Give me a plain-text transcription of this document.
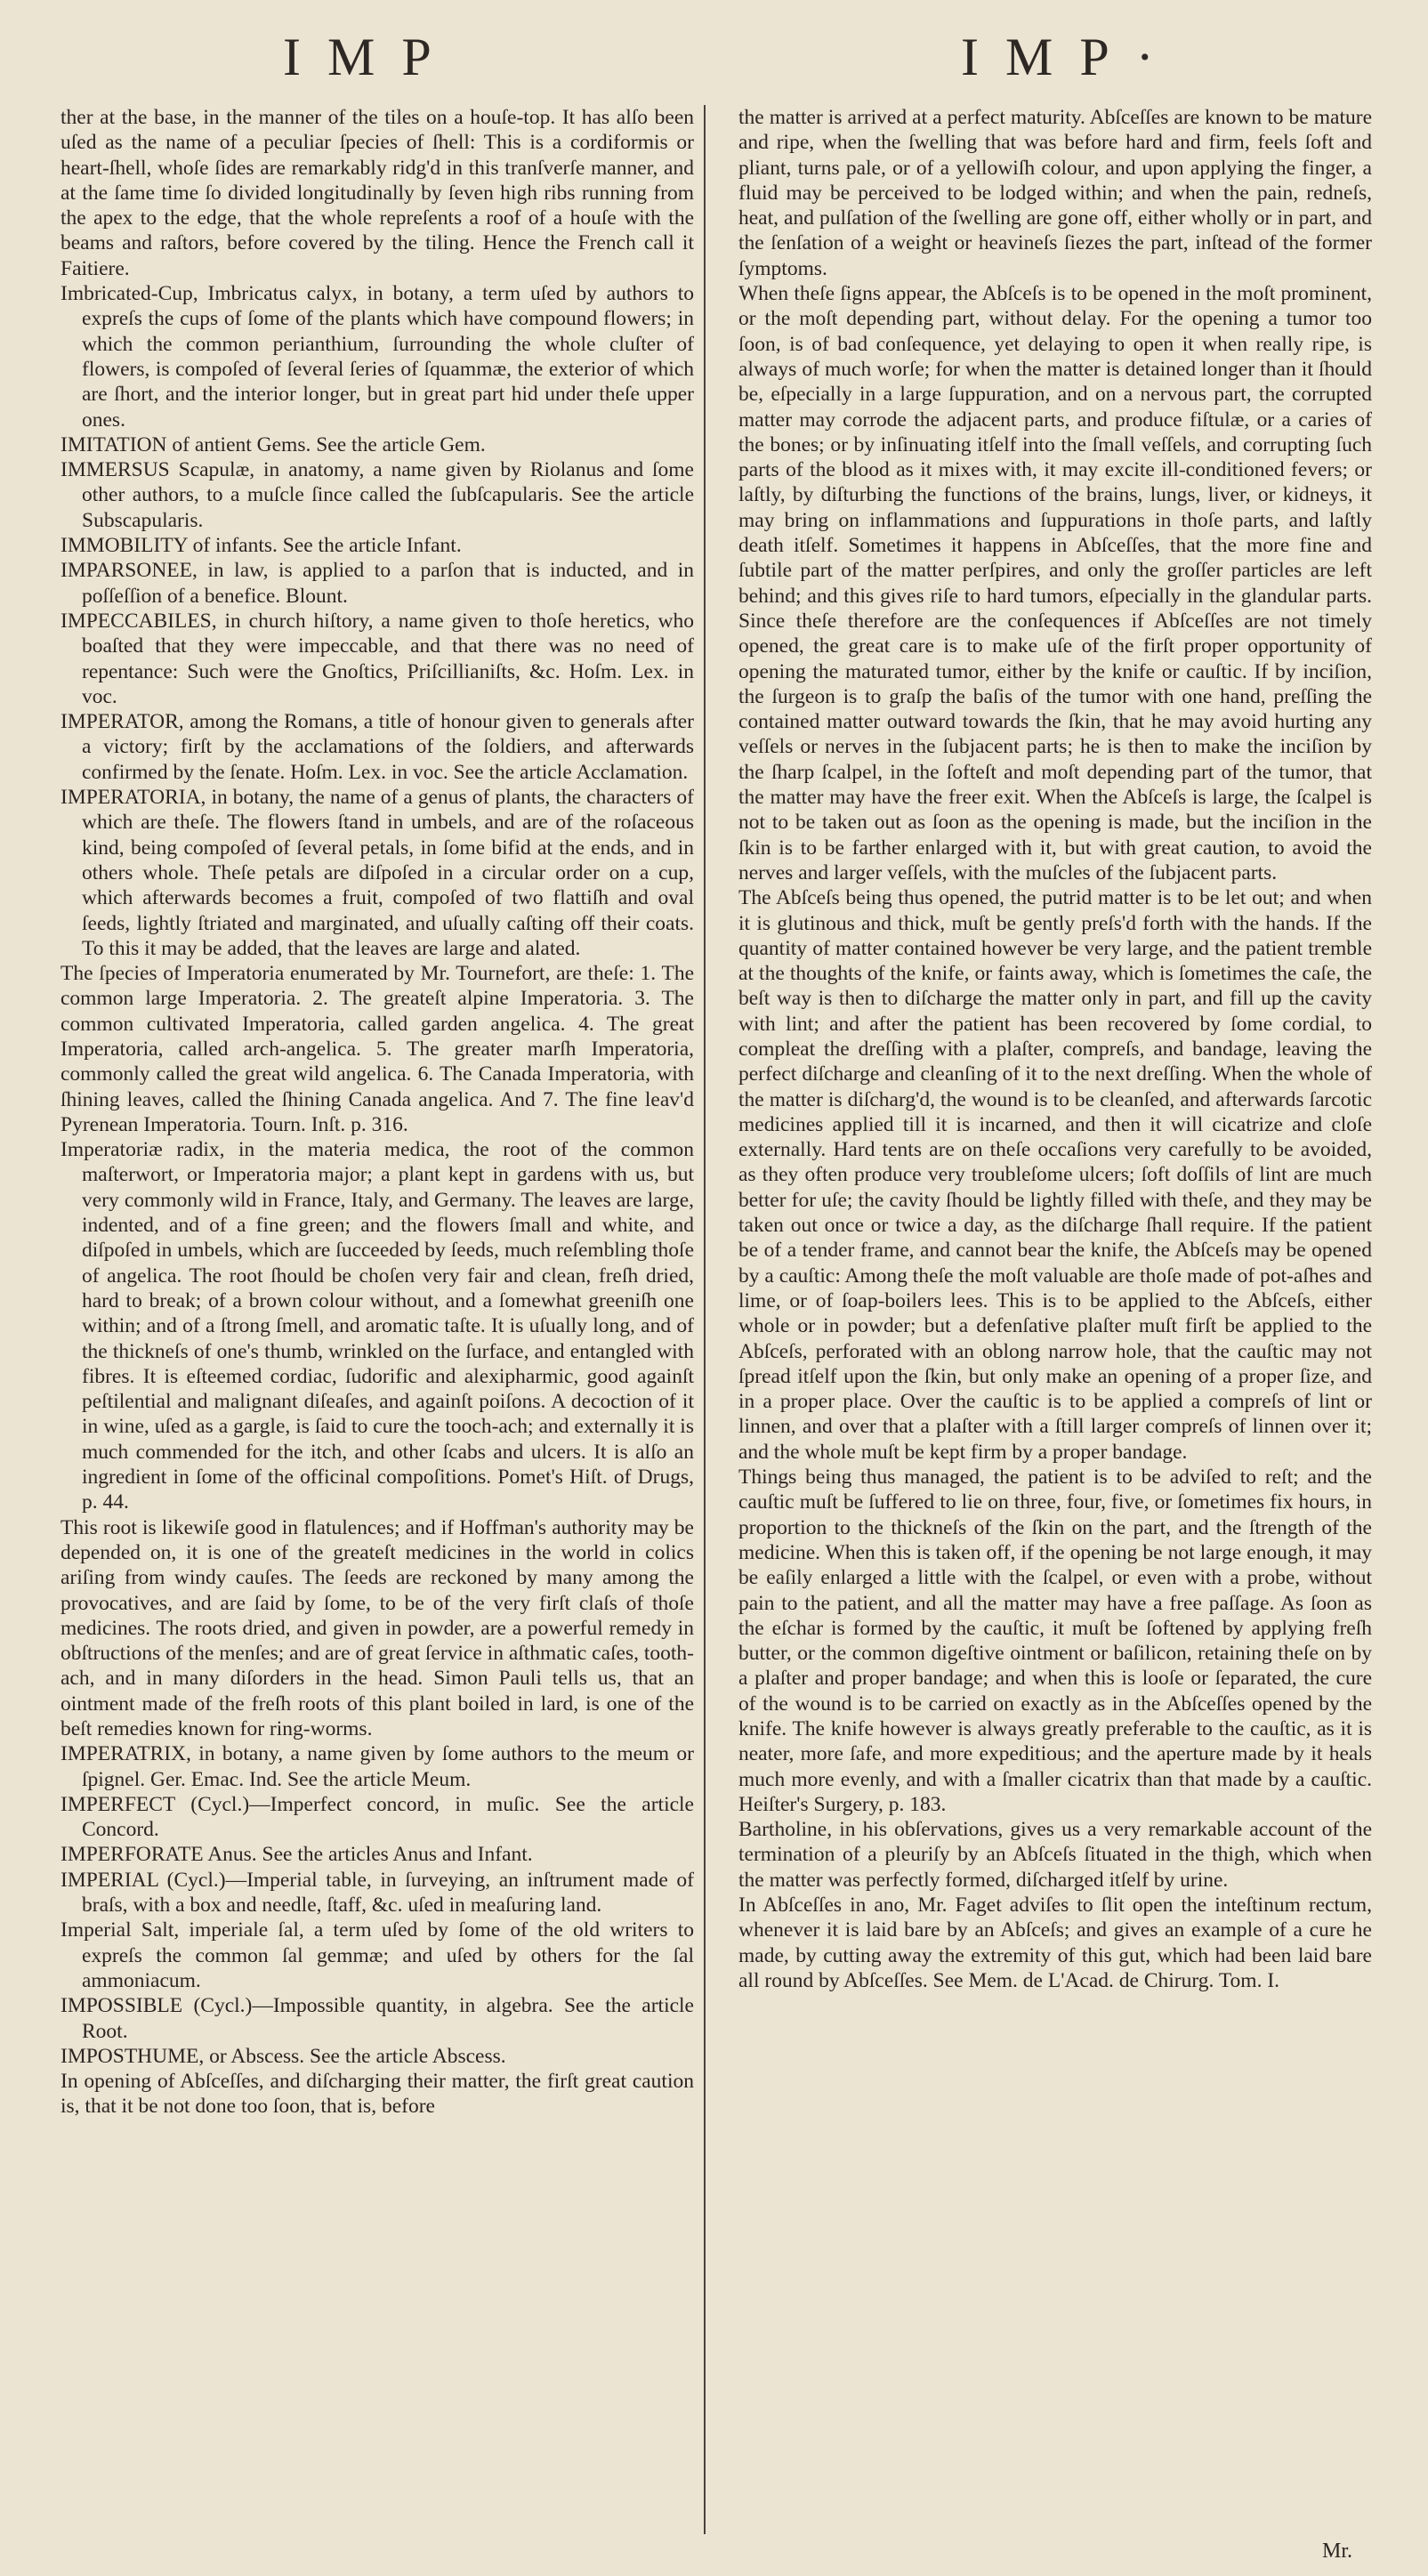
IMP	IMP·

ther at the base, in the manner of the tiles on a houſe-top. It has alſo been uſed as the name of a peculiar ſpecies of ſhell: This is a cordiformis or heart-ſhell, whoſe ſides are remarkably ridg'd in this tranſverſe manner, and at the ſame time ſo divided longitudinally by ſeven high ribs running from the apex to the edge, that the whole repreſents a roof of a houſe with the beams and raſtors, before covered by the tiling. Hence the French call it Faitiere.

Imbricated-Cup, Imbricatus calyx, in botany, a term uſed by authors to expreſs the cups of ſome of the plants which have compound flowers; in which the common perianthium, ſurrounding the whole cluſter of flowers, is compoſed of ſeveral ſeries of ſquammæ, the exterior of which are ſhort, and the interior longer, but in great part hid under theſe upper ones.

IMITATION of antient Gems. See the article Gem.

IMMERSUS Scapulæ, in anatomy, a name given by Riolanus and ſome other authors, to a muſcle ſince called the ſubſcapularis. See the article Subscapularis.

IMMOBILITY of infants. See the article Infant.

IMPARSONEE, in law, is applied to a parſon that is inducted, and in poſſeſſion of a benefice. Blount.

IMPECCABILES, in church hiſtory, a name given to thoſe heretics, who boaſted that they were impeccable, and that there was no need of repentance: Such were the Gnoſtics, Priſcillianiſts, &c. Hoſm. Lex. in voc.

IMPERATOR, among the Romans, a title of honour given to generals after a victory; firſt by the acclamations of the ſoldiers, and afterwards confirmed by the ſenate. Hoſm. Lex. in voc. See the article Acclamation.

IMPERATORIA, in botany, the name of a genus of plants, the characters of which are theſe. The flowers ſtand in umbels, and are of the roſaceous kind, being compoſed of ſeveral petals, in ſome bifid at the ends, and in others whole. Theſe petals are diſpoſed in a circular order on a cup, which afterwards becomes a fruit, compoſed of two flattiſh and oval ſeeds, lightly ſtriated and marginated, and uſually caſting off their coats. To this it may be added, that the leaves are large and alated.

The ſpecies of Imperatoria enumerated by Mr. Tournefort, are theſe: 1. The common large Imperatoria. 2. The greateſt alpine Imperatoria. 3. The common cultivated Imperatoria, called garden angelica. 4. The great Imperatoria, called arch-angelica. 5. The greater marſh Imperatoria, commonly called the great wild angelica. 6. The Canada Imperatoria, with ſhining leaves, called the ſhining Canada angelica. And 7. The fine leav'd Pyrenean Imperatoria. Tourn. Inſt. p. 316.

Imperatoriæ radix, in the materia medica, the root of the common maſterwort, or Imperatoria major; a plant kept in gardens with us, but very commonly wild in France, Italy, and Germany. The leaves are large, indented, and of a fine green; and the flowers ſmall and white, and diſpoſed in umbels, which are ſucceeded by ſeeds, much reſembling thoſe of angelica. The root ſhould be choſen very fair and clean, freſh dried, hard to break; of a brown colour without, and a ſomewhat greeniſh one within; and of a ſtrong ſmell, and aromatic taſte. It is uſually long, and of the thickneſs of one's thumb, wrinkled on the ſurface, and entangled with fibres. It is eſteemed cordiac, ſudorific and alexipharmic, good againſt peſtilential and malignant diſeaſes, and againſt poiſons. A decoction of it in wine, uſed as a gargle, is ſaid to cure the tooch-ach; and externally it is much commended for the itch, and other ſcabs and ulcers. It is alſo an ingredient in ſome of the officinal compoſitions. Pomet's Hiſt. of Drugs, p. 44.

This root is likewiſe good in flatulences; and if Hoffman's authority may be depended on, it is one of the greateſt medicines in the world in colics ariſing from windy cauſes. The ſeeds are reckoned by many among the provocatives, and are ſaid by ſome, to be of the very firſt claſs of thoſe medicines. The roots dried, and given in powder, are a powerful remedy in obſtructions of the menſes; and are of great ſervice in aſthmatic caſes, tooth-ach, and in many diſorders in the head. Simon Pauli tells us, that an ointment made of the freſh roots of this plant boiled in lard, is one of the beſt remedies known for ring-worms.

IMPERATRIX, in botany, a name given by ſome authors to the meum or ſpignel. Ger. Emac. Ind. See the article Meum.

IMPERFECT (Cycl.)—Imperfect concord, in muſic. See the article Concord.

IMPERFORATE Anus. See the articles Anus and Infant.

IMPERIAL (Cycl.)—Imperial table, in ſurveying, an inſtrument made of braſs, with a box and needle, ſtaff, &c. uſed in meaſuring land.

Imperial Salt, imperiale ſal, a term uſed by ſome of the old writers to expreſs the common ſal gemmæ; and uſed by others for the ſal ammoniacum.

IMPOSSIBLE (Cycl.)—Impossible quantity, in algebra. See the article Root.

IMPOSTHUME, or Abscess. See the article Abscess.

In opening of Abſceſſes, and diſcharging their matter, the firſt great caution is, that it be not done too ſoon, that is, before

the matter is arrived at a perfect maturity. Abſceſſes are known to be mature and ripe, when the ſwelling that was before hard and firm, feels ſoft and pliant, turns pale, or of a yellowiſh colour, and upon applying the finger, a fluid may be perceived to be lodged within; and when the pain, redneſs, heat, and pulſation of the ſwelling are gone off, either wholly or in part, and the ſenſation of a weight or heavineſs ſiezes the part, inſtead of the former ſymptoms.

When theſe ſigns appear, the Abſceſs is to be opened in the moſt prominent, or the moſt depending part, without delay. For the opening a tumor too ſoon, is of bad conſequence, yet delaying to open it when really ripe, is always of much worſe; for when the matter is detained longer than it ſhould be, eſpecially in a large ſuppuration, and on a nervous part, the corrupted matter may corrode the adjacent parts, and produce fiſtulæ, or a caries of the bones; or by inſinuating itſelf into the ſmall veſſels, and corrupting ſuch parts of the blood as it mixes with, it may excite ill-conditioned fevers; or laſtly, by diſturbing the functions of the brains, lungs, liver, or kidneys, it may bring on inflammations and ſuppurations in thoſe parts, and laſtly death itſelf. Sometimes it happens in Abſceſſes, that the more fine and ſubtile part of the matter perſpires, and only the groſſer particles are left behind; and this gives riſe to hard tumors, eſpecially in the glandular parts. Since theſe therefore are the conſequences if Abſceſſes are not timely opened, the great care is to make uſe of the firſt proper opportunity of opening the maturated tumor, either by the knife or cauſtic. If by inciſion, the ſurgeon is to graſp the baſis of the tumor with one hand, preſſing the contained matter outward towards the ſkin, that he may avoid hurting any veſſels or nerves in the ſubjacent parts; he is then to make the inciſion by the ſharp ſcalpel, in the ſofteſt and moſt depending part of the tumor, that the matter may have the freer exit. When the Abſceſs is large, the ſcalpel is not to be taken out as ſoon as the opening is made, but the inciſion in the ſkin is to be farther enlarged with it, but with great caution, to avoid the nerves and larger veſſels, with the muſcles of the ſubjacent parts.

The Abſceſs being thus opened, the putrid matter is to be let out; and when it is glutinous and thick, muſt be gently preſs'd forth with the hands. If the quantity of matter contained however be very large, and the patient tremble at the thoughts of the knife, or faints away, which is ſometimes the caſe, the beſt way is then to diſcharge the matter only in part, and fill up the cavity with lint; and after the patient has been recovered by ſome cordial, to compleat the dreſſing with a plaſter, compreſs, and bandage, leaving the perfect diſcharge and cleanſing of it to the next dreſſing. When the whole of the matter is diſcharg'd, the wound is to be cleanſed, and afterwards ſarcotic medicines applied till it is incarned, and then it will cicatrize and cloſe externally. Hard tents are on theſe occaſions very carefully to be avoided, as they often produce very troubleſome ulcers; ſoft doſſils of lint are much better for uſe; the cavity ſhould be lightly filled with theſe, and they may be taken out once or twice a day, as the diſcharge ſhall require. If the patient be of a tender frame, and cannot bear the knife, the Abſceſs may be opened by a cauſtic: Among theſe the moſt valuable are thoſe made of pot-aſhes and lime, or of ſoap-boilers lees. This is to be applied to the Abſceſs, either whole or in powder; but a defenſative plaſter muſt firſt be applied to the Abſceſs, perforated with an oblong narrow hole, that the cauſtic may not ſpread itſelf upon the ſkin, but only make an opening of a proper ſize, and in a proper place. Over the cauſtic is to be applied a compreſs of lint or linnen, and over that a plaſter with a ſtill larger compreſs of linnen over it; and the whole muſt be kept firm by a proper bandage.

Things being thus managed, the patient is to be adviſed to reſt; and the cauſtic muſt be ſuffered to lie on three, four, five, or ſometimes fix hours, in proportion to the thickneſs of the ſkin on the part, and the ſtrength of the medicine. When this is taken off, if the opening be not large enough, it may be eaſily enlarged a little with the ſcalpel, or even with a probe, without pain to the patient, and all the matter may have a free paſſage. As ſoon as the eſchar is formed by the cauſtic, it muſt be ſoftened by applying freſh butter, or the common digeſtive ointment or baſilicon, retaining theſe on by a plaſter and proper bandage; and when this is looſe or ſeparated, the cure of the wound is to be carried on exactly as in the Abſceſſes opened by the knife. The knife however is always greatly preferable to the cauſtic, as it is neater, more ſafe, and more expeditious; and the aperture made by it heals much more evenly, and with a ſmaller cicatrix than that made by a cauſtic. Heiſter's Surgery, p. 183.

Bartholine, in his obſervations, gives us a very remarkable account of the termination of a pleuriſy by an Abſceſs ſituated in the thigh, which when the matter was perfectly formed, diſcharged itſelf by urine.

In Abſceſſes in ano, Mr. Faget adviſes to ſlit open the inteſtinum rectum, whenever it is laid bare by an Abſceſs; and gives an example of a cure he made, by cutting away the extremity of this gut, which had been laid bare all round by Abſceſſes. See Mem. de L'Acad. de Chirurg. Tom. I.

Mr.
